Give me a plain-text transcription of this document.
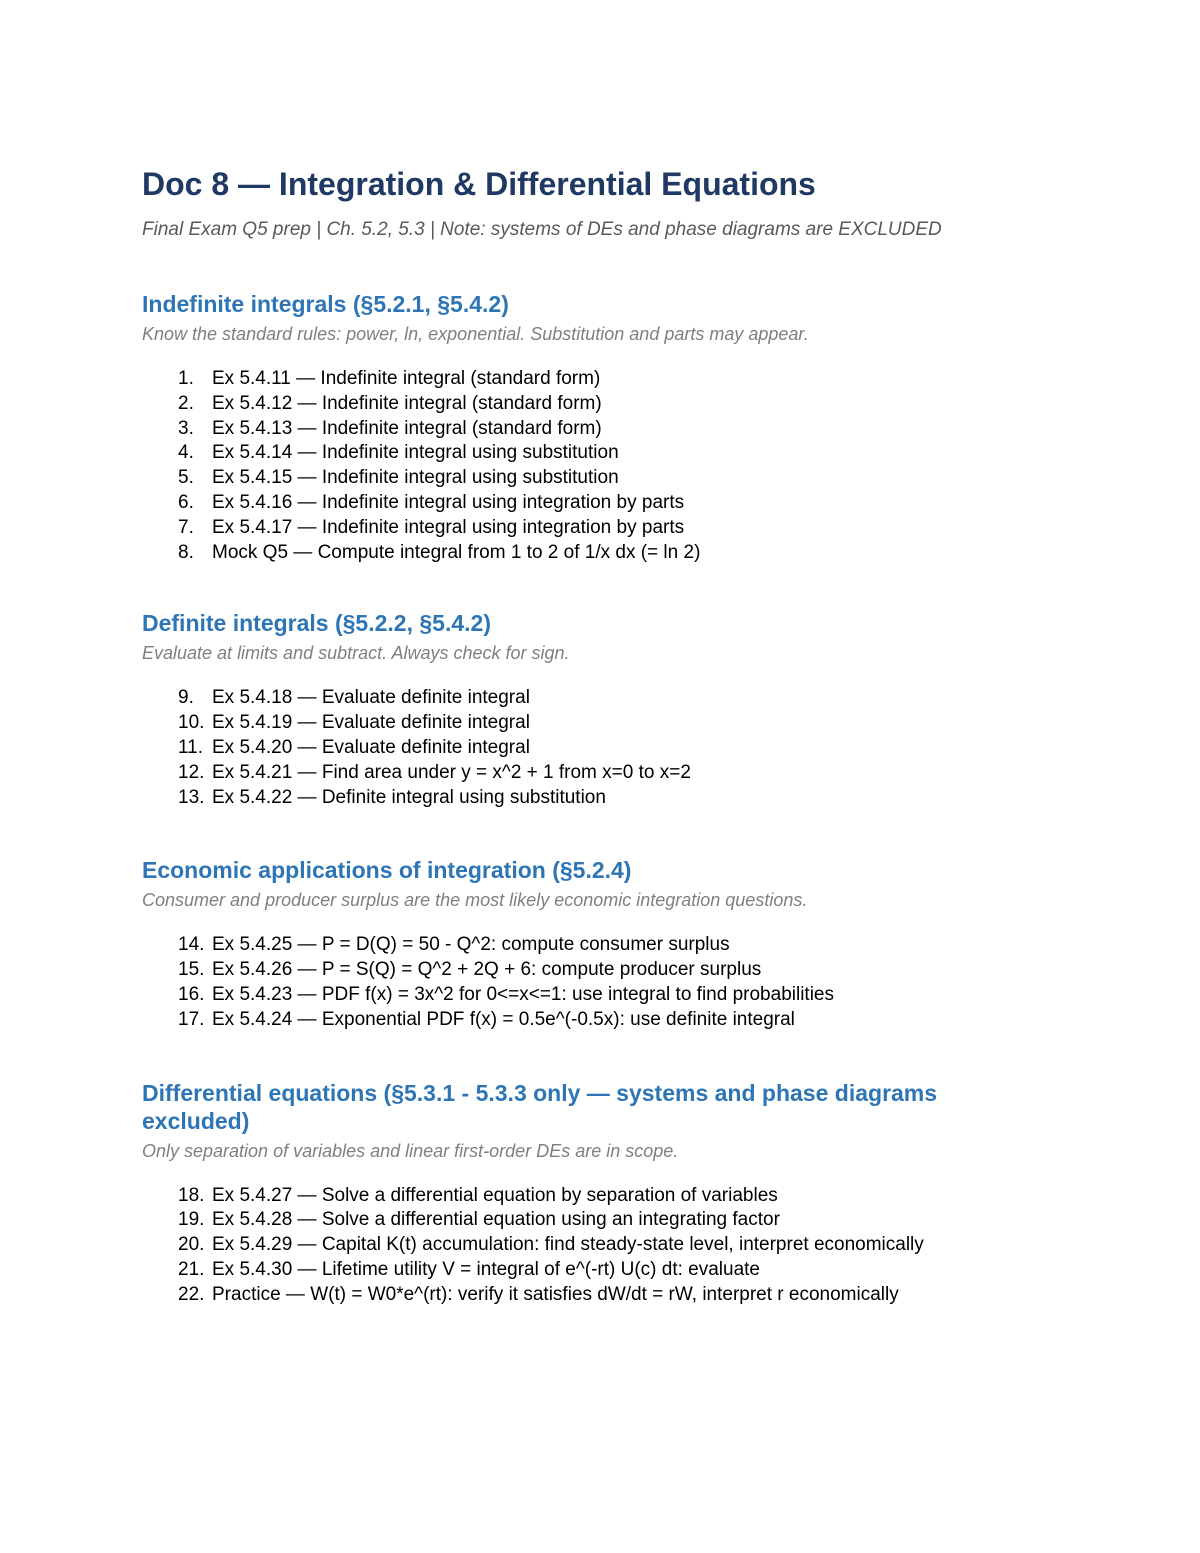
Doc 8 — Integration & Differential Equations

Final Exam Q5 prep | Ch. 5.2, 5.3 | Note: systems of DEs and phase diagrams are EXCLUDED

Indefinite integrals (§5.2.1, §5.4.2)

Know the standard rules: power, ln, exponential. Substitution and parts may appear.

1. Ex 5.4.11 — Indefinite integral (standard form)
2. Ex 5.4.12 — Indefinite integral (standard form)
3. Ex 5.4.13 — Indefinite integral (standard form)
4. Ex 5.4.14 — Indefinite integral using substitution
5. Ex 5.4.15 — Indefinite integral using substitution
6. Ex 5.4.16 — Indefinite integral using integration by parts
7. Ex 5.4.17 — Indefinite integral using integration by parts
8. Mock Q5 — Compute integral from 1 to 2 of 1/x dx (= ln 2)
Definite integrals (§5.2.2, §5.4.2)

Evaluate at limits and subtract. Always check for sign.

9. Ex 5.4.18 — Evaluate definite integral
10. Ex 5.4.19 — Evaluate definite integral
11. Ex 5.4.20 — Evaluate definite integral
12. Ex 5.4.21 — Find area under y = x^2 + 1 from x=0 to x=2
13. Ex 5.4.22 — Definite integral using substitution
Economic applications of integration (§5.2.4)

Consumer and producer surplus are the most likely economic integration questions.

14. Ex 5.4.25 — P = D(Q) = 50 - Q^2: compute consumer surplus
15. Ex 5.4.26 — P = S(Q) = Q^2 + 2Q + 6: compute producer surplus
16. Ex 5.4.23 — PDF f(x) = 3x^2 for 0<=x<=1: use integral to find probabilities
17. Ex 5.4.24 — Exponential PDF f(x) = 0.5e^(-0.5x): use definite integral
Differential equations (§5.3.1 - 5.3.3 only — systems and phase diagrams excluded)

Only separation of variables and linear first-order DEs are in scope.

18. Ex 5.4.27 — Solve a differential equation by separation of variables
19. Ex 5.4.28 — Solve a differential equation using an integrating factor
20. Ex 5.4.29 — Capital K(t) accumulation: find steady-state level, interpret economically
21. Ex 5.4.30 — Lifetime utility V = integral of e^(-rt) U(c) dt: evaluate
22. Practice — W(t) = W0*e^(rt): verify it satisfies dW/dt = rW, interpret r economically
